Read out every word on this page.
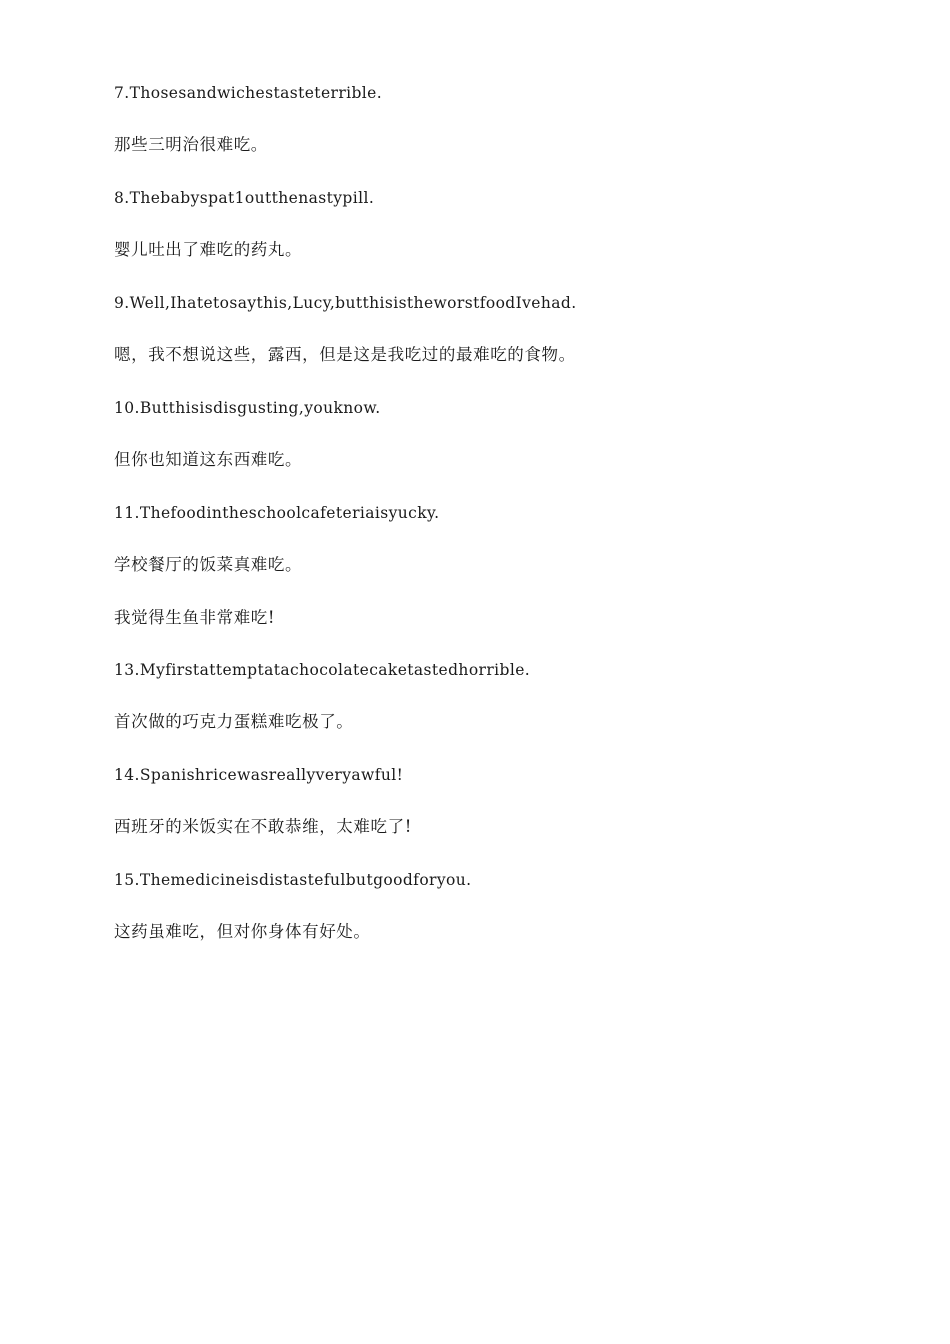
7.Thosesandwichestasteterrible.
那些三明治很难吃。
8.Thebabyspat1outthenastypill.
婴儿吐出了难吃的药丸。
9.Well,Ihatetosaythis,Lucy,butthisistheworstfoodIvehad.
嗯，我不想说这些，露西，但是这是我吃过的最难吃的食物。
10.Butthisisdisgusting,youknow.
但你也知道这东西难吃。
11.Thefoodintheschoolcafeteriaisyucky.
学校餐厅的饭菜真难吃。
我觉得生鱼非常难吃!
13.Myfirstattemptatachocolatecaketastedhorrible.
首次做的巧克力蛋糕难吃极了。
14.Spanishricewasreallyveryawful!
西班牙的米饭实在不敢恭维，太难吃了!
15.Themedicineisdistastefulbutgoodforyou.
这药虽难吃，但对你身体有好处。
